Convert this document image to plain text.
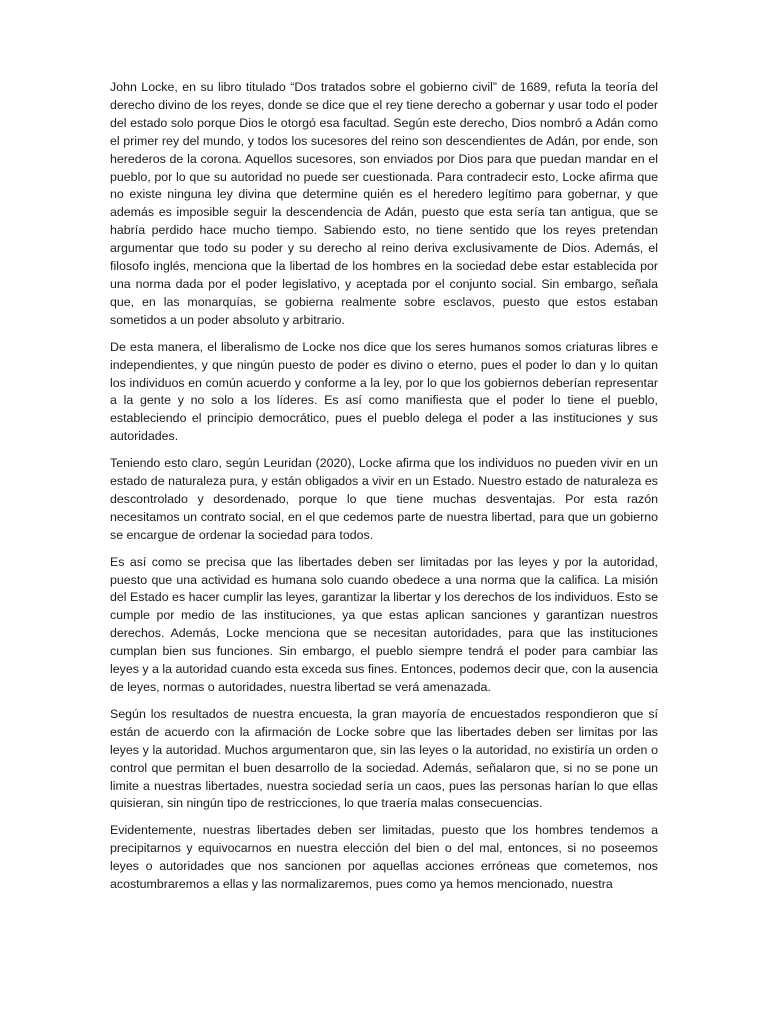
John Locke, en su libro titulado “Dos tratados sobre el gobierno civil” de 1689, refuta la teoría del derecho divino de los reyes, donde se dice que el rey tiene derecho a gobernar y usar todo el poder del estado solo porque Dios le otorgó esa facultad. Según este derecho, Dios nombró a Adán como el primer rey del mundo, y todos los sucesores del reino son descendientes de Adán, por ende, son herederos de la corona. Aquellos sucesores, son enviados por Dios para que puedan mandar en el pueblo, por lo que su autoridad no puede ser cuestionada. Para contradecir esto, Locke afirma que no existe ninguna ley divina que determine quién es el heredero legítimo para gobernar, y que además es imposible seguir la descendencia de Adán, puesto que esta sería tan antigua, que se habría perdido hace mucho tiempo. Sabiendo esto, no tiene sentido que los reyes pretendan argumentar que todo su poder y su derecho al reino deriva exclusivamente de Dios. Además, el filosofo inglés, menciona que la libertad de los hombres en la sociedad debe estar establecida por una norma dada por el poder legislativo, y aceptada por el conjunto social. Sin embargo, señala que, en las monarquías, se gobierna realmente sobre esclavos, puesto que estos estaban sometidos a un poder absoluto y arbitrario.

De esta manera, el liberalismo de Locke nos dice que los seres humanos somos criaturas libres e independientes, y que ningún puesto de poder es divino o eterno, pues el poder lo dan y lo quitan los individuos en común acuerdo y conforme a la ley, por lo que los gobiernos deberían representar a la gente y no solo a los líderes. Es así como manifiesta que el poder lo tiene el pueblo, estableciendo el principio democrático, pues el pueblo delega el poder a las instituciones y sus autoridades.

Teniendo esto claro, según Leuridan (2020), Locke afirma que los individuos no pueden vivir en un estado de naturaleza pura, y están obligados a vivir en un Estado. Nuestro estado de naturaleza es descontrolado y desordenado, porque lo que tiene muchas desventajas. Por esta razón necesitamos un contrato social, en el que cedemos parte de nuestra libertad, para que un gobierno se encargue de ordenar la sociedad para todos.

Es así como se precisa que las libertades deben ser limitadas por las leyes y por la autoridad, puesto que una actividad es humana solo cuando obedece a una norma que la califica. La misión del Estado es hacer cumplir las leyes, garantizar la libertar y los derechos de los individuos. Esto se cumple por medio de las instituciones, ya que estas aplican sanciones y garantizan nuestros derechos. Además, Locke menciona que se necesitan autoridades, para que las instituciones cumplan bien sus funciones. Sin embargo, el pueblo siempre tendrá el poder para cambiar las leyes y a la autoridad cuando esta exceda sus fines. Entonces, podemos decir que, con la ausencia de leyes, normas o autoridades, nuestra libertad se verá amenazada.

Según los resultados de nuestra encuesta, la gran mayoría de encuestados respondieron que sí están de acuerdo con la afirmación de Locke sobre que las libertades deben ser limitas por las leyes y la autoridad. Muchos argumentaron que, sin las leyes o la autoridad, no existiría un orden o control que permitan el buen desarrollo de la sociedad. Además, señalaron que, si no se pone un limite a nuestras libertades, nuestra sociedad sería un caos, pues las personas harían lo que ellas quisieran, sin ningún tipo de restricciones, lo que traería malas consecuencias.

Evidentemente, nuestras libertades deben ser limitadas, puesto que los hombres tendemos a precipitarnos y equivocarnos en nuestra elección del bien o del mal, entonces, si no poseemos leyes o autoridades que nos sancionen por aquellas acciones erróneas que cometemos, nos acostumbraremos a ellas y las normalizaremos, pues como ya hemos mencionado, nuestra
